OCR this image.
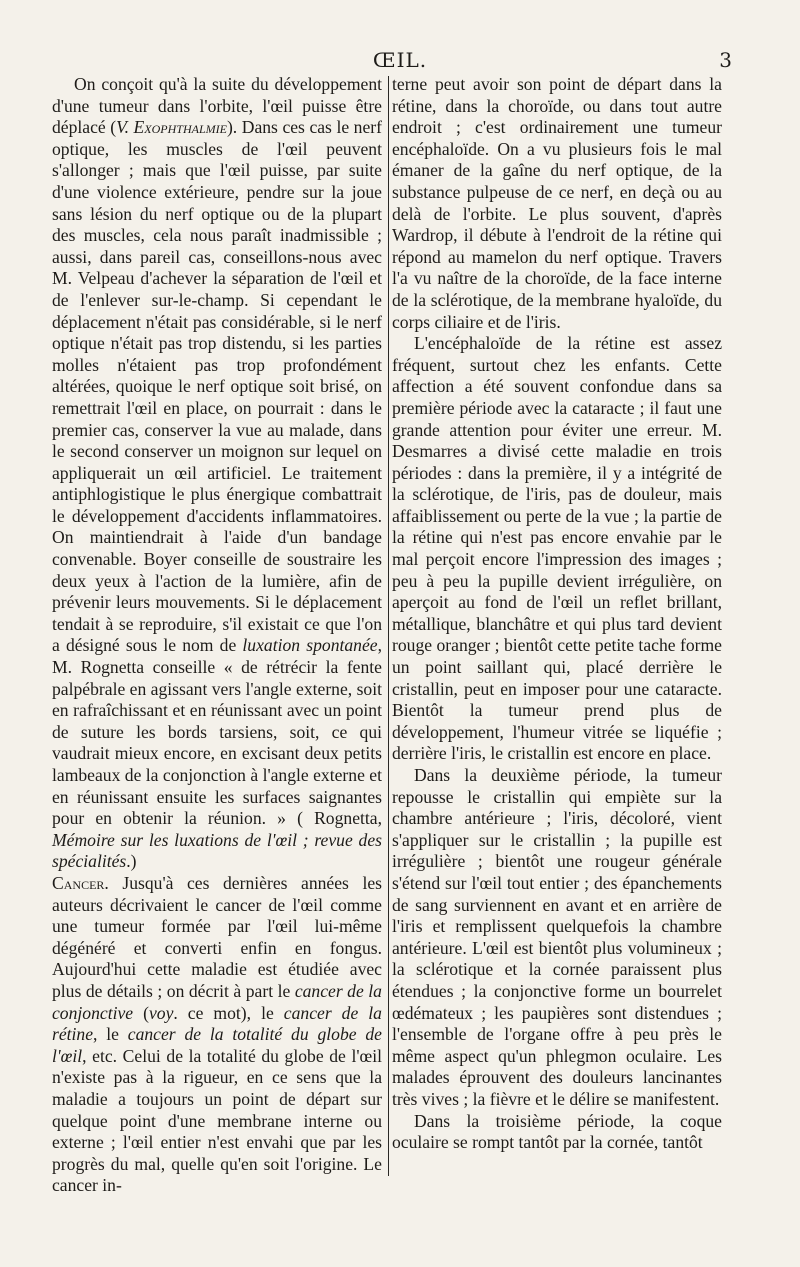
ŒIL.	3

On conçoit qu'à la suite du développement d'une tumeur dans l'orbite, l'œil puisse être déplacé (V. Exophthalmie). Dans ces cas le nerf optique, les muscles de l'œil peuvent s'allonger ; mais que l'œil puisse, par suite d'une violence extérieure, pendre sur la joue sans lésion du nerf optique ou de la plupart des muscles, cela nous paraît inadmissible ; aussi, dans pareil cas, conseillons-nous avec M. Velpeau d'achever la séparation de l'œil et de l'enlever sur-le-champ. Si cependant le déplacement n'était pas considérable, si le nerf optique n'était pas trop distendu, si les parties molles n'étaient pas trop profondément altérées, quoique le nerf optique soit brisé, on remettrait l'œil en place, on pourrait : dans le premier cas, conserver la vue au malade, dans le second conserver un moignon sur lequel on appliquerait un œil artificiel. Le traitement antiphlogistique le plus énergique combattrait le développement d'accidents inflammatoires. On maintiendrait à l'aide d'un bandage convenable. Boyer conseille de soustraire les deux yeux à l'action de la lumière, afin de prévenir leurs mouvements. Si le déplacement tendait à se reproduire, s'il existait ce que l'on a désigné sous le nom de luxation spontanée, M. Rognetta conseille « de rétrécir la fente palpébrale en agissant vers l'angle externe, soit en rafraîchissant et en réunissant avec un point de suture les bords tarsiens, soit, ce qui vaudrait mieux encore, en excisant deux petits lambeaux de la conjonction à l'angle externe et en réunissant ensuite les surfaces saignantes pour en obtenir la réunion. » ( Rognetta, Mémoire sur les luxations de l'œil ; revue des spécialités.)

Cancer. Jusqu'à ces dernières années les auteurs décrivaient le cancer de l'œil comme une tumeur formée par l'œil lui-même dégénéré et converti enfin en fongus. Aujourd'hui cette maladie est étudiée avec plus de détails ; on décrit à part le cancer de la conjonctive (voy. ce mot), le cancer de la rétine, le cancer de la totalité du globe de l'œil, etc. Celui de la totalité du globe de l'œil n'existe pas à la rigueur, en ce sens que la maladie a toujours un point de départ sur quelque point d'une membrane interne ou externe ; l'œil entier n'est envahi que par les progrès du mal, quelle qu'en soit l'origine. Le cancer in-

terne peut avoir son point de départ dans la rétine, dans la choroïde, ou dans tout autre endroit ; c'est ordinairement une tumeur encéphaloïde. On a vu plusieurs fois le mal émaner de la gaîne du nerf optique, de la substance pulpeuse de ce nerf, en deçà ou au delà de l'orbite. Le plus souvent, d'après Wardrop, il débute à l'endroit de la rétine qui répond au mamelon du nerf optique. Travers l'a vu naître de la choroïde, de la face interne de la sclérotique, de la membrane hyaloïde, du corps ciliaire et de l'iris.

L'encéphaloïde de la rétine est assez fréquent, surtout chez les enfants. Cette affection a été souvent confondue dans sa première période avec la cataracte ; il faut une grande attention pour éviter une erreur. M. Desmarres a divisé cette maladie en trois périodes : dans la première, il y a intégrité de la sclérotique, de l'iris, pas de douleur, mais affaiblissement ou perte de la vue ; la partie de la rétine qui n'est pas encore envahie par le mal perçoit encore l'impression des images ; peu à peu la pupille devient irrégulière, on aperçoit au fond de l'œil un reflet brillant, métallique, blanchâtre et qui plus tard devient rouge oranger ; bientôt cette petite tache forme un point saillant qui, placé derrière le cristallin, peut en imposer pour une cataracte. Bientôt la tumeur prend plus de développement, l'humeur vitrée se liquéfie ; derrière l'iris, le cristallin est encore en place.

Dans la deuxième période, la tumeur repousse le cristallin qui empiète sur la chambre antérieure ; l'iris, décoloré, vient s'appliquer sur le cristallin ; la pupille est irrégulière ; bientôt une rougeur générale s'étend sur l'œil tout entier ; des épanchements de sang surviennent en avant et en arrière de l'iris et remplissent quelquefois la chambre antérieure. L'œil est bientôt plus volumineux ; la sclérotique et la cornée paraissent plus étendues ; la conjonctive forme un bourrelet œdémateux ; les paupières sont distendues ; l'ensemble de l'organe offre à peu près le même aspect qu'un phlegmon oculaire. Les malades éprouvent des douleurs lancinantes très vives ; la fièvre et le délire se manifestent.

Dans la troisième période, la coque oculaire se rompt tantôt par la cornée, tantôt
